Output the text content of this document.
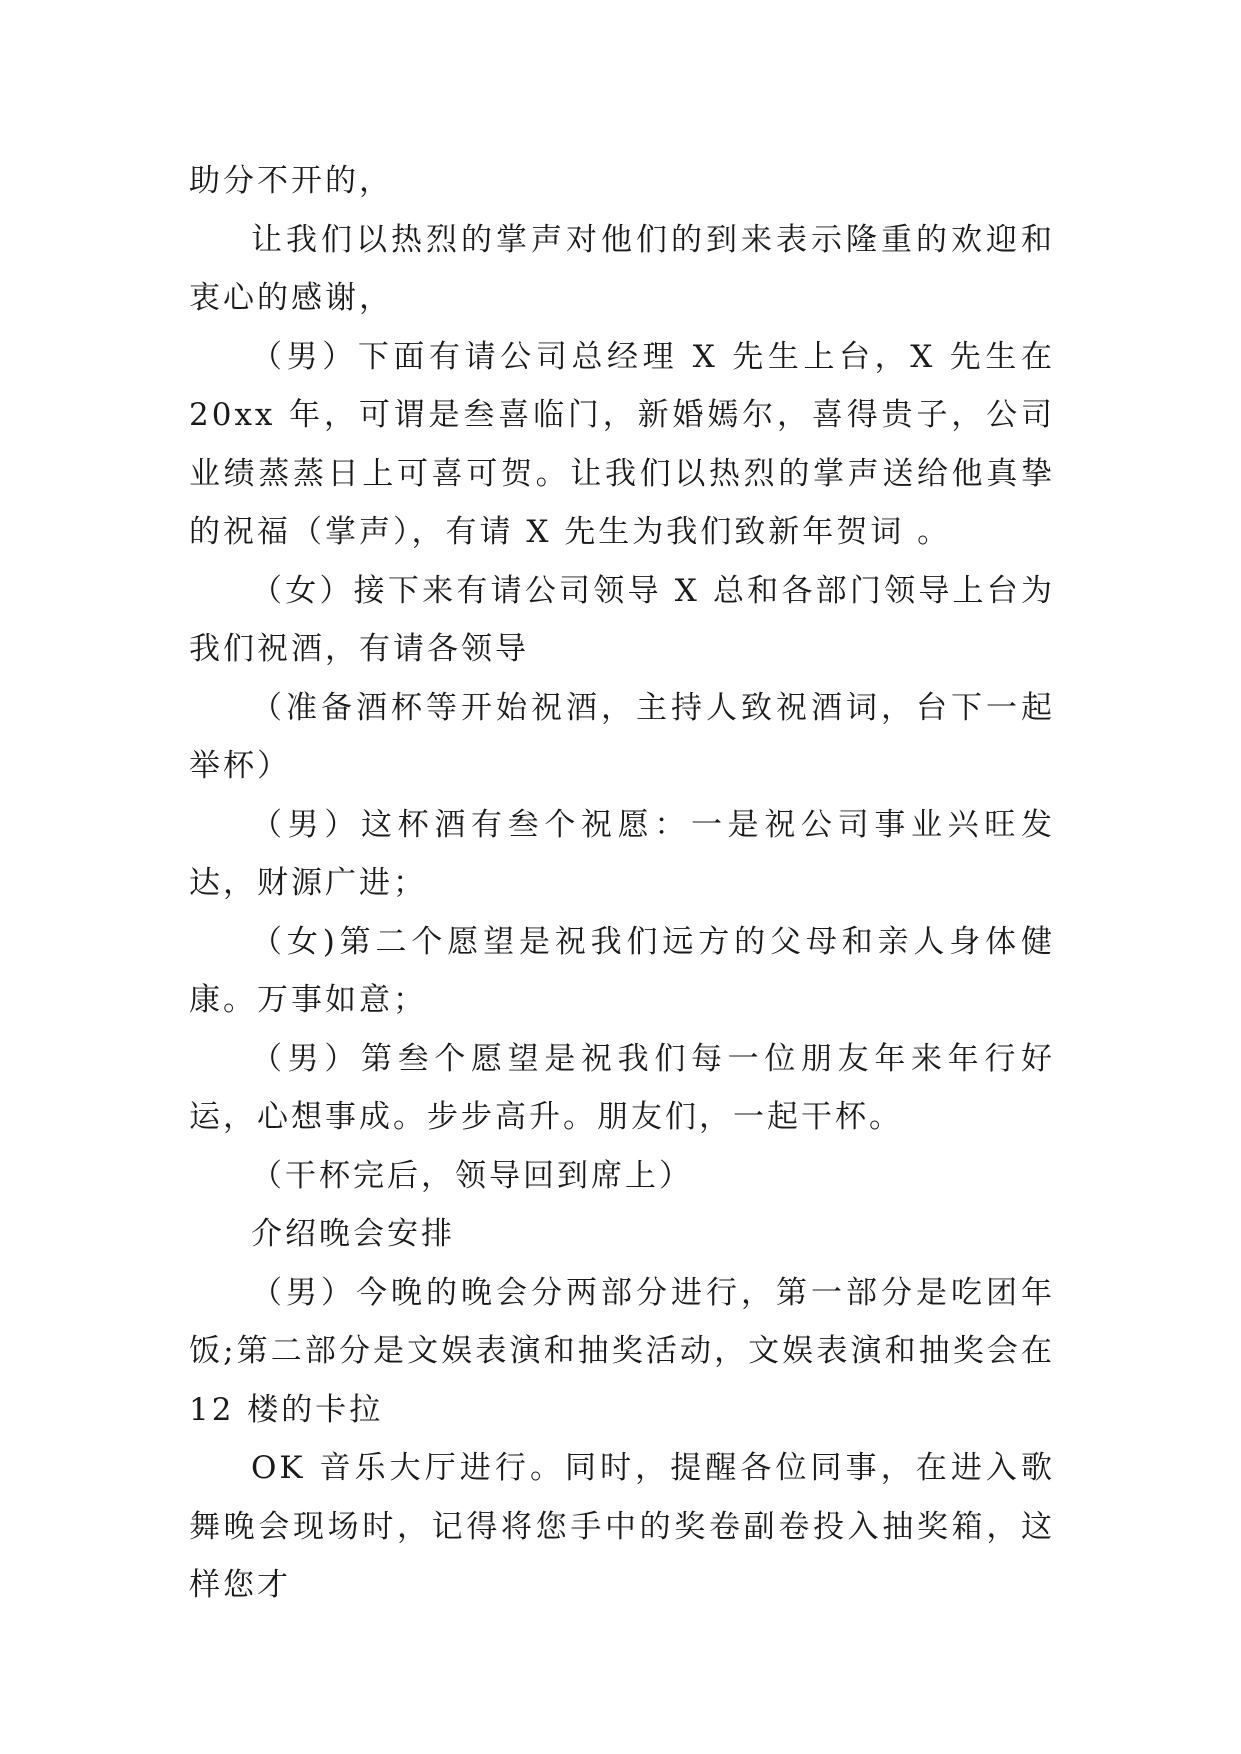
助分不开的，

让我们以热烈的掌声对他们的到来表示隆重的欢迎和衷心的感谢，

（男）下面有请公司总经理 X 先生上台，X 先生在 20xx 年，可谓是叁喜临门，新婚嫣尔，喜得贵子，公司业绩蒸蒸日上可喜可贺。让我们以热烈的掌声送给他真挚的祝福（掌声），有请 X 先生为我们致新年贺词 。

（女）接下来有请公司领导 X 总和各部门领导上台为我们祝酒，有请各领导

（准备酒杯等开始祝酒，主持人致祝酒词，台下一起举杯）

（男）这杯酒有叁个祝愿：一是祝公司事业兴旺发达，财源广进；

（女)第二个愿望是祝我们远方的父母和亲人身体健康。万事如意；

（男）第叁个愿望是祝我们每一位朋友年来年行好运，心想事成。步步高升。朋友们，一起干杯。

（干杯完后，领导回到席上）

介绍晚会安排

（男）今晚的晚会分两部分进行，第一部分是吃团年饭;第二部分是文娱表演和抽奖活动，文娱表演和抽奖会在 12 楼的卡拉

OK 音乐大厅进行。同时，提醒各位同事，在进入歌舞晚会现场时，记得将您手中的奖卷副卷投入抽奖箱，这样您才
